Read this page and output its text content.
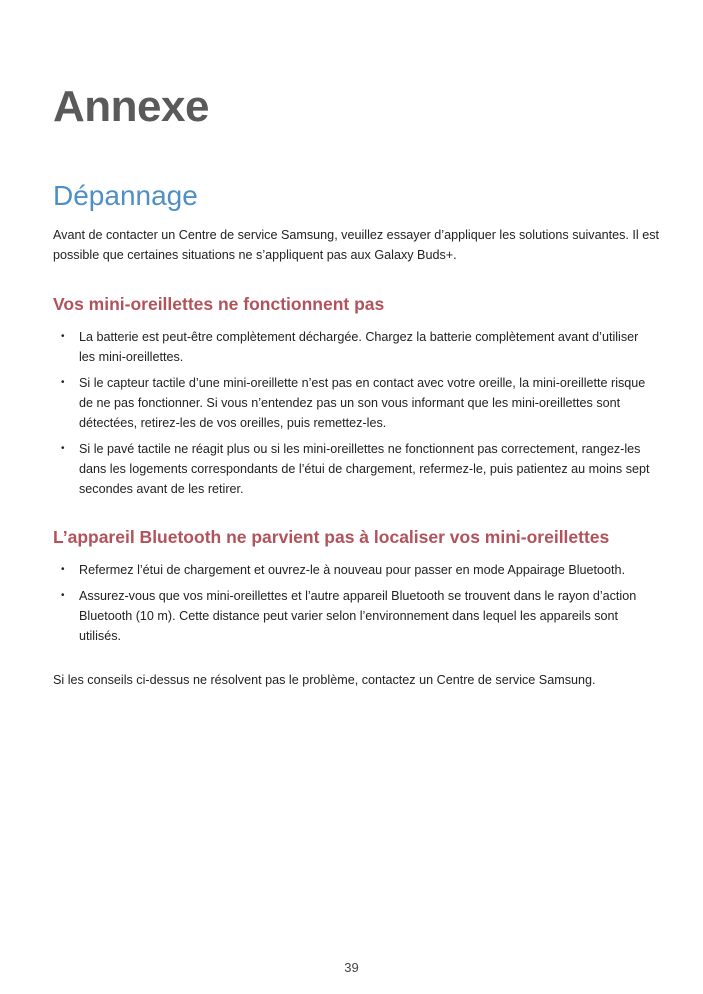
Annexe
Dépannage

Avant de contacter un Centre de service Samsung, veuillez essayer d’appliquer les solutions suivantes. Il est possible que certaines situations ne s’appliquent pas aux Galaxy Buds+.

Vos mini-oreillettes ne fonctionnent pas
• La batterie est peut-être complètement déchargée. Chargez la batterie complètement avant d’utiliser les mini-oreillettes.
• Si le capteur tactile d’une mini-oreillette n’est pas en contact avec votre oreille, la mini-oreillette risque de ne pas fonctionner. Si vous n’entendez pas un son vous informant que les mini-oreillettes sont détectées, retirez-les de vos oreilles, puis remettez-les.
• Si le pavé tactile ne réagit plus ou si les mini-oreillettes ne fonctionnent pas correctement, rangez-les dans les logements correspondants de l’étui de chargement, refermez-le, puis patientez au moins sept secondes avant de les retirer.
L’appareil Bluetooth ne parvient pas à localiser vos mini-oreillettes
• Refermez l’étui de chargement et ouvrez-le à nouveau pour passer en mode Appairage Bluetooth.
• Assurez-vous que vos mini-oreillettes et l’autre appareil Bluetooth se trouvent dans le rayon d’action Bluetooth (10 m). Cette distance peut varier selon l’environnement dans lequel les appareils sont utilisés.

Si les conseils ci-dessus ne résolvent pas le problème, contactez un Centre de service Samsung.

39
